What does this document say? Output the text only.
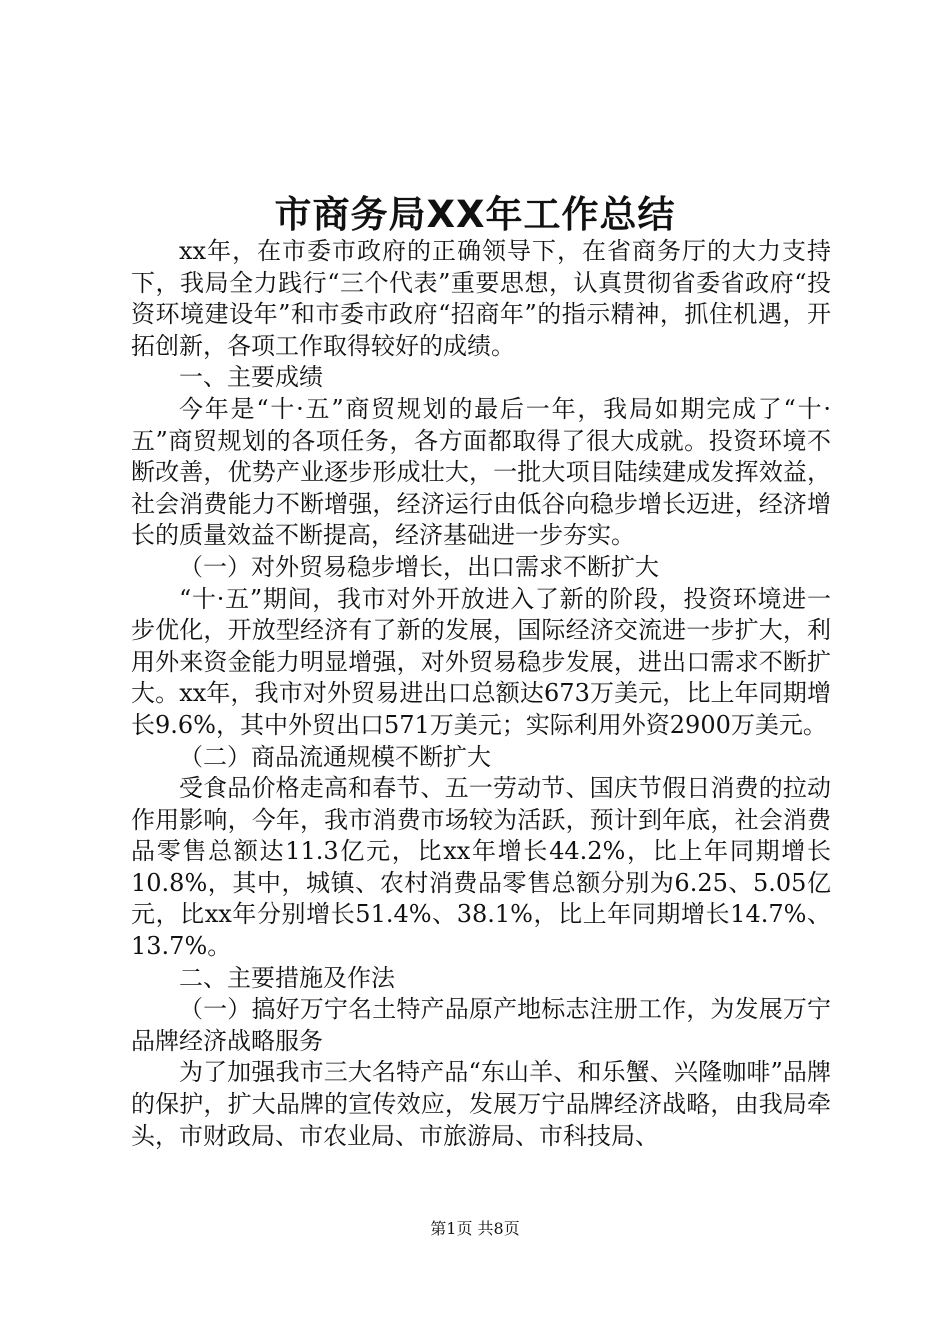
市商务局XX年工作总结

xx年，在市委市政府的正确领导下，在省商务厅的大力支持下，我局全力践行“三个代表”重要思想，认真贯彻省委省政府“投资环境建设年”和市委市政府“招商年”的指示精神，抓住机遇，开拓创新，各项工作取得较好的成绩。

一、主要成绩

今年是“十·五”商贸规划的最后一年，我局如期完成了“十·五”商贸规划的各项任务，各方面都取得了很大成就。投资环境不断改善，优势产业逐步形成壮大，一批大项目陆续建成发挥效益，社会消费能力不断增强，经济运行由低谷向稳步增长迈进，经济增长的质量效益不断提高，经济基础进一步夯实。

（一）对外贸易稳步增长，出口需求不断扩大

“十·五”期间，我市对外开放进入了新的阶段，投资环境进一步优化，开放型经济有了新的发展，国际经济交流进一步扩大，利用外来资金能力明显增强，对外贸易稳步发展，进出口需求不断扩大。xx年，我市对外贸易进出口总额达673万美元，比上年同期增长9.6%，其中外贸出口571万美元；实际利用外资2900万美元。

（二）商品流通规模不断扩大

受食品价格走高和春节、五一劳动节、国庆节假日消费的拉动作用影响，今年，我市消费市场较为活跃，预计到年底，社会消费品零售总额达11.3亿元，比xx年增长44.2%，比上年同期增长10.8%，其中，城镇、农村消费品零售总额分别为6.25、5.05亿元，比xx年分别增长51.4%、38.1%，比上年同期增长14.7%、13.7%。

二、主要措施及作法

（一）搞好万宁名土特产品原产地标志注册工作，为发展万宁品牌经济战略服务

为了加强我市三大名特产品“东山羊、和乐蟹、兴隆咖啡”品牌的保护，扩大品牌的宣传效应，发展万宁品牌经济战略，由我局牵头，市财政局、市农业局、市旅游局、市科技局、

第1页 共8页
